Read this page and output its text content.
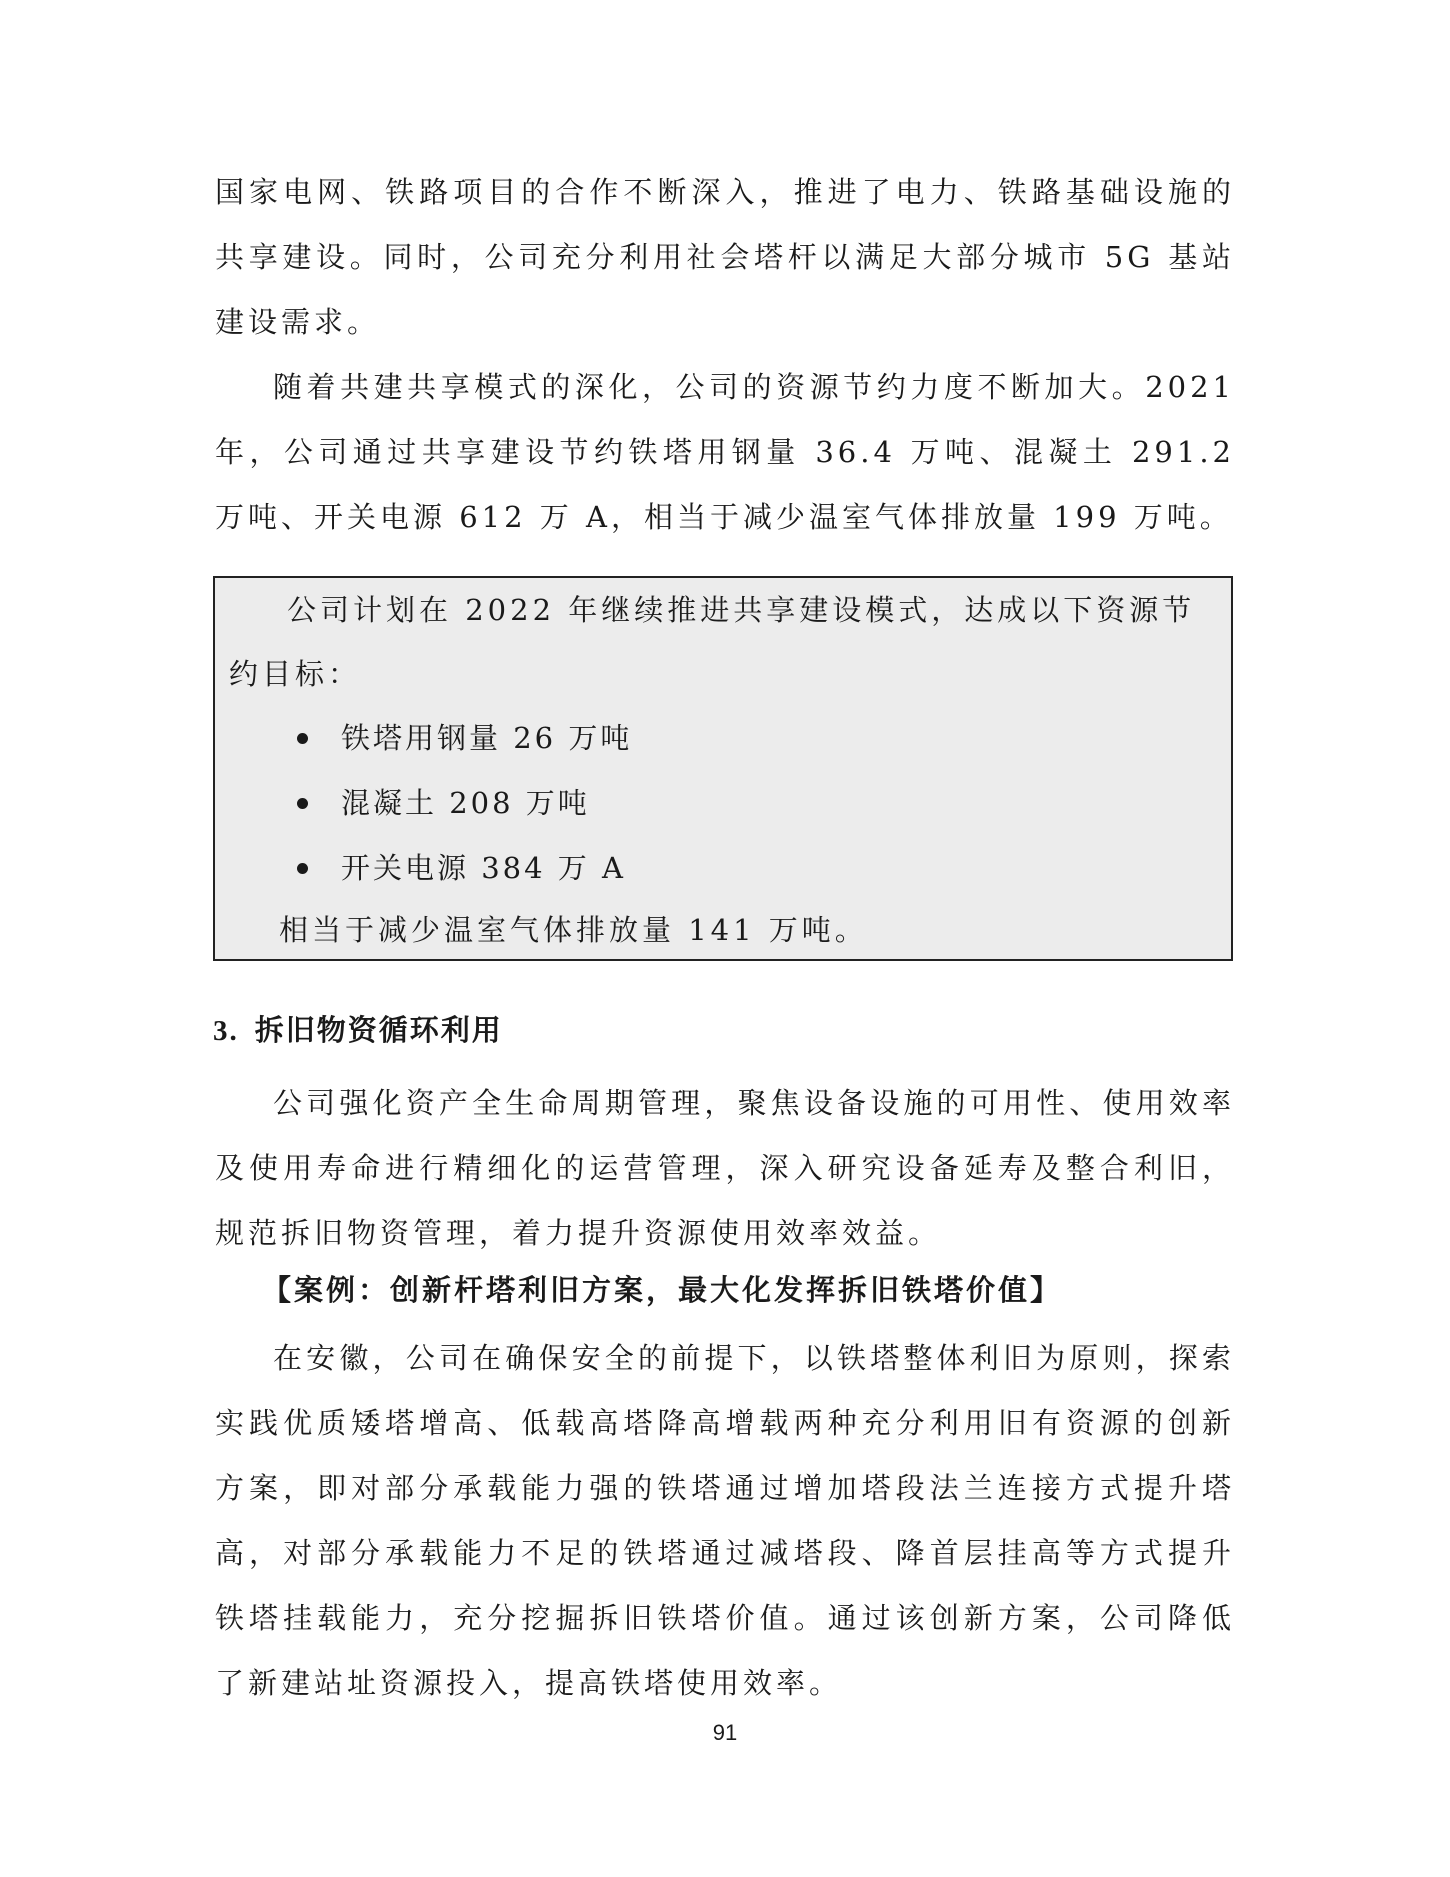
国家电网、铁路项目的合作不断深入，推进了电力、铁路基础设施的共享建设。同时，公司充分利用社会塔杆以满足大部分城市 5G 基站建设需求。

随着共建共享模式的深化，公司的资源节约力度不断加大。2021 年，公司通过共享建设节约铁塔用钢量 36.4 万吨、混凝土 291.2 万吨、开关电源 612 万 A，相当于减少温室气体排放量 199 万吨。

公司计划在 2022 年继续推进共享建设模式，达成以下资源节约目标：

铁塔用钢量 26 万吨
混凝土 208 万吨
开关电源 384 万 A

相当于减少温室气体排放量 141 万吨。

3. 拆旧物资循环利用

公司强化资产全生命周期管理，聚焦设备设施的可用性、使用效率及使用寿命进行精细化的运营管理，深入研究设备延寿及整合利旧，规范拆旧物资管理，着力提升资源使用效率效益。

【案例：创新杆塔利旧方案，最大化发挥拆旧铁塔价值】

在安徽，公司在确保安全的前提下，以铁塔整体利旧为原则，探索实践优质矮塔增高、低载高塔降高增载两种充分利用旧有资源的创新方案，即对部分承载能力强的铁塔通过增加塔段法兰连接方式提升塔高，对部分承载能力不足的铁塔通过减塔段、降首层挂高等方式提升铁塔挂载能力，充分挖掘拆旧铁塔价值。通过该创新方案，公司降低了新建站址资源投入，提高铁塔使用效率。

91
